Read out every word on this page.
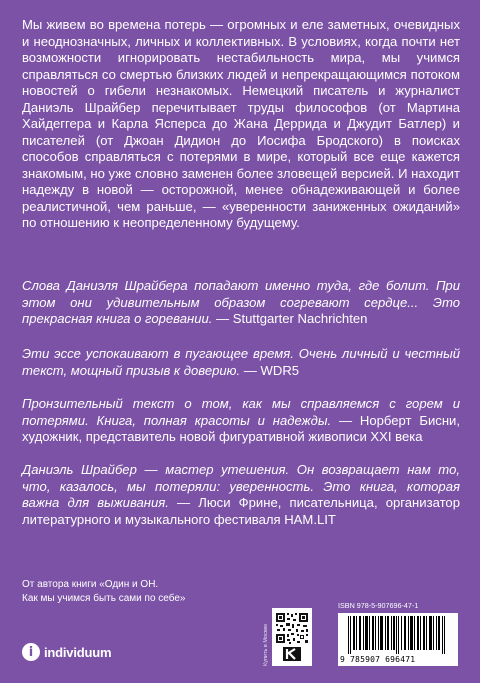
Мы живем во времена потерь — огромных и еле заметных, очевидных и неоднозначных, личных и коллективных. В условиях, когда почти нет возможности игнорировать нестабильность мира, мы учимся справляться со смертью близких людей и непрекращающимся потоком новостей о гибели незнакомых. Немецкий писатель и журналист Даниэль Шрайбер перечитывает труды философов (от Мартина Хайдеггера и Карла Ясперса до Жана Деррида и Джудит Батлер) и писателей (от Джоан Дидион до Иосифа Бродского) в поисках способов справляться с потерями в мире, который все еще кажется знакомым, но уже словно заменен более зловещей версией. И находит надежду в новой — осторожной, менее обнадеживающей и более реалистичной, чем раньше, — «уверенности заниженных ожиданий» по отношению к неопределенному будущему.

Слова Даниэля Шрайбера попадают именно туда, где болит. При этом они удивительным образом согревают сердце... Это прекрасная книга о горевании. — Stuttgarter Nachrichten

Эти эссе успокаивают в пугающее время. Очень личный и честный текст, мощный призыв к доверию. — WDR5

Пронзительный текст о том, как мы справляемся с горем и потерями. Книга, полная красоты и надежды. — Норберт Бисни, художник, представитель новой фигуративной живописи XXI века

Даниэль Шрайбер — мастер утешения. Он возвращает нам то, что, казалось, мы потеряли: уверенность. Это книга, которая важна для выживания. — Люси Фрине, писательница, организатор литературного и музыкального фестиваля HAM.LIT

От автора книги «Один и ОН.
Как мы учимся быть сами по себе»

i individuum	Купить в Москве
ISBN 978-5-907696-47-1
9 785907 696471
